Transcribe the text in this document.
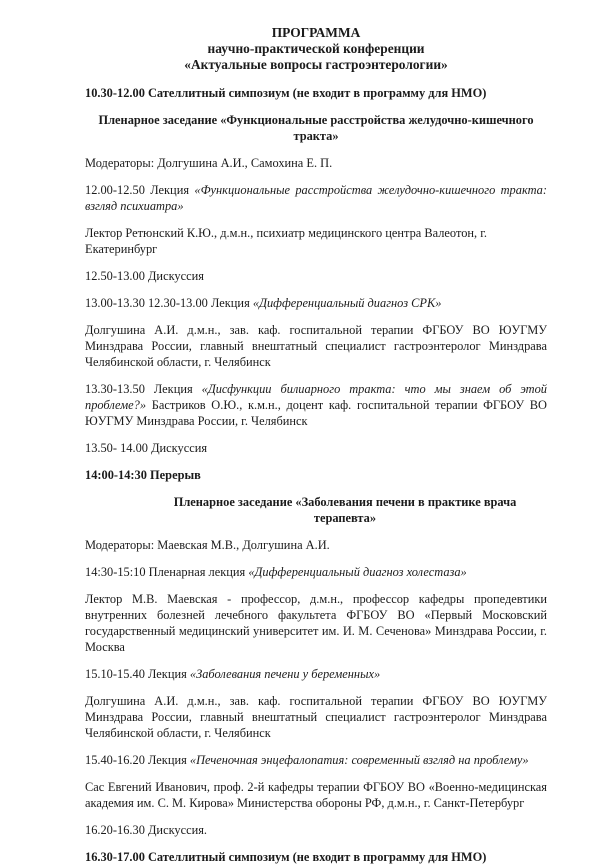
ПРОГРАММА
научно-практической конференции
«Актуальные вопросы гастроэнтерологии»

10.30-12.00 Сателлитный симпозиум (не входит в программу для НМО)

Пленарное заседание «Функциональные расстройства желудочно-кишечного
тракта»

Модераторы: Долгушина А.И., Самохина Е. П.

12.00-12.50 Лекция «Функциональные расстройства желудочно-кишечного тракта: взгляд психиатра»

Лектор Ретюнский К.Ю., д.м.н., психиатр медицинского центра Валеотон, г. Екатеринбург

12.50-13.00 Дискуссия

13.00-13.30 12.30-13.00 Лекция «Дифференциальный диагноз СРК»

Долгушина А.И. д.м.н., зав. каф. госпитальной терапии ФГБОУ ВО ЮУГМУ Минздрава России, главный внештатный специалист гастроэнтеролог Минздрава Челябинской области, г. Челябинск

13.30-13.50 Лекция «Дисфункции билиарного тракта: что мы знаем об этой проблеме?» Бастриков О.Ю., к.м.н., доцент каф. госпитальной терапии ФГБОУ ВО ЮУГМУ Минздрава России, г. Челябинск

13.50- 14.00 Дискуссия

14:00-14:30 Перерыв

Пленарное заседание «Заболевания печени в практике врача терапевта»

Модераторы: Маевская М.В., Долгушина А.И.

14:30-15:10 Пленарная лекция «Дифференциальный диагноз холестаза»

Лектор М.В. Маевская - профессор, д.м.н., профессор кафедры пропедевтики внутренних болезней лечебного факультета ФГБОУ ВО «Первый Московский государственный медицинский университет им. И. М. Сеченова» Минздрава России, г. Москва

15.10-15.40 Лекция «Заболевания печени у беременных»

Долгушина А.И. д.м.н., зав. каф. госпитальной терапии ФГБОУ ВО ЮУГМУ Минздрава России, главный внештатный специалист гастроэнтеролог Минздрава Челябинской области, г. Челябинск

15.40-16.20 Лекция «Печеночная энцефалопатия: современный взгляд на проблему»

Сас Евгений Иванович, проф. 2-й кафедры терапии ФГБОУ ВО «Военно-медицинская академия им. С. М. Кирова» Министерства обороны РФ, д.м.н., г. Санкт-Петербург

16.20-16.30 Дискуссия.

16.30-17.00 Сателлитный симпозиум (не входит в программу для НМО)
